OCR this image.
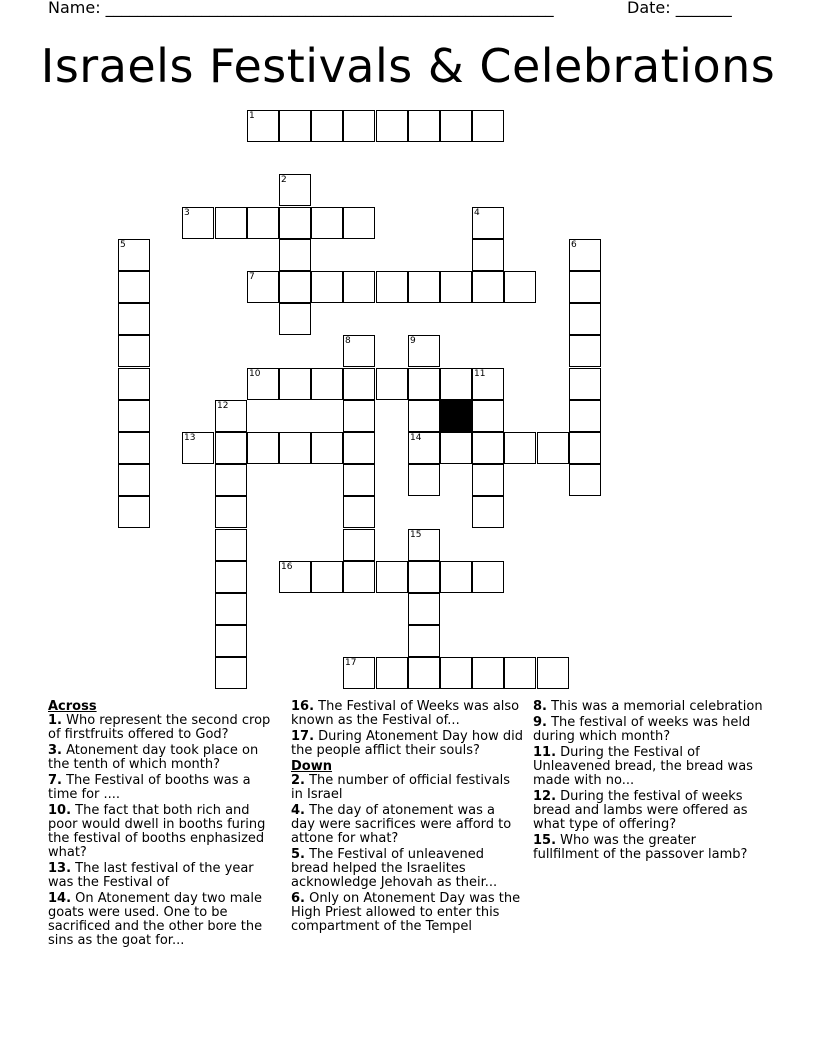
Name: ________________________________________________________	Date: _______
Israels Festivals & Celebrations
1
2
3	4
5	6
7
8	9
10	11
12
13	14
15
16
17

Across

1. Who represent the second crop of firstfruits offered to God?

3. Atonement day took place on the tenth of which month?

7. The Festival of booths was a time for ....

10. The fact that both rich and poor would dwell in booths furing the festival of booths enphasized what?

13. The last festival of the year was the Festival of

14. On Atonement day two male goats were used. One to be sacrificed and the other bore the sins as the goat for...

16. The Festival of Weeks was also known as the Festival of...

17. During Atonement Day how did the people afflict their souls?

Down

2. The number of official festivals in Israel

4. The day of atonement was a day were sacrifices were afford to attone for what?

5. The Festival of unleavened bread helped the Israelites acknowledge Jehovah as their...

6. Only on Atonement Day was the High Priest allowed to enter this compartment of the Tempel

8. This was a memorial celebration

9. The festival of weeks was held during which month?

11. During the Festival of Unleavened bread, the bread was made with no...

12. During the festival of weeks bread and lambs were offered as what type of offering?

15. Who was the greater fullfilment of the passover lamb?
